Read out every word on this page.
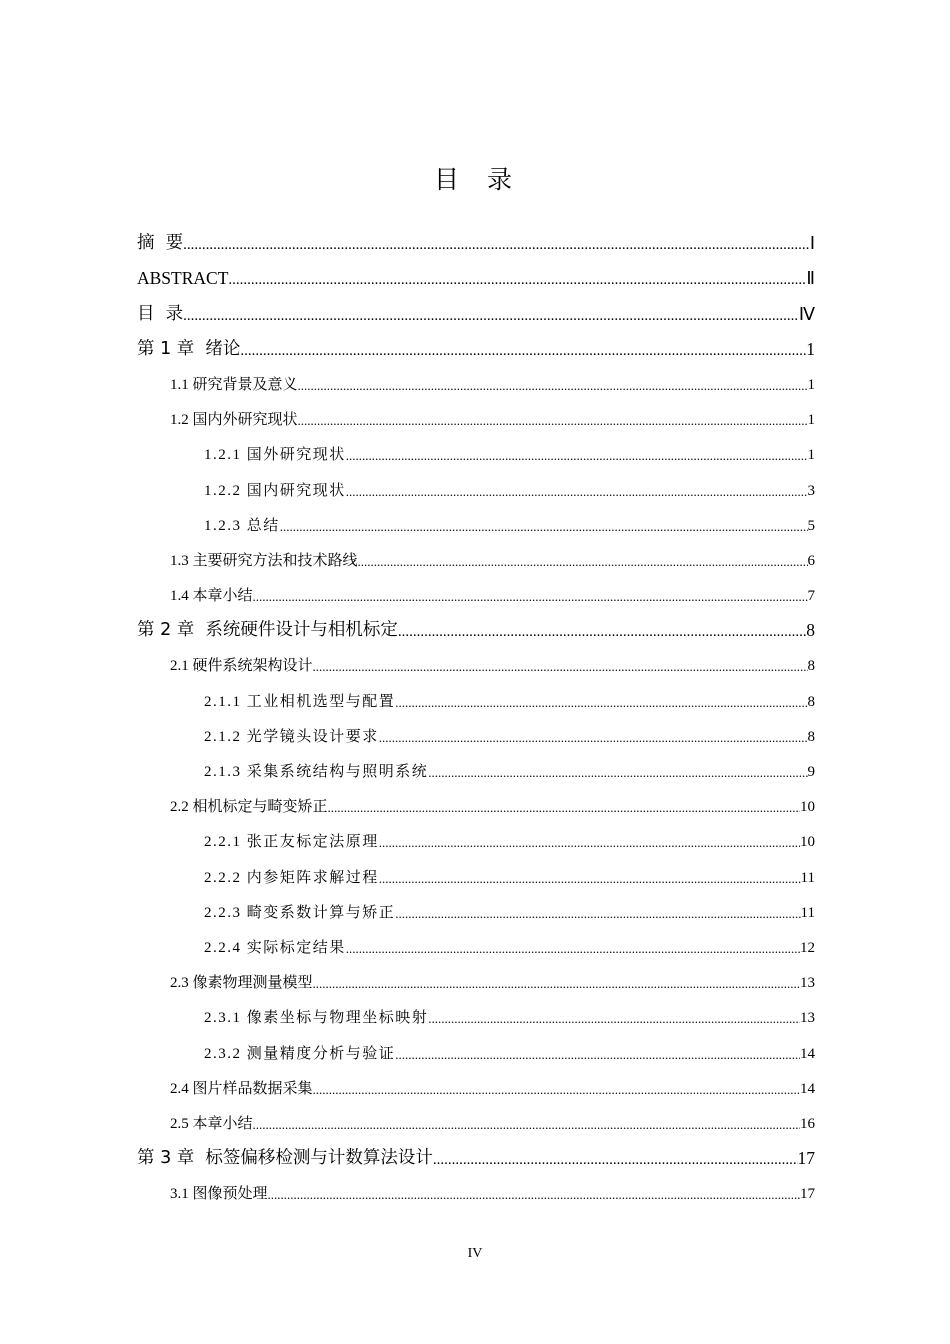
目  录
摘  要 .....	Ⅰ
ABSTRACT .....	Ⅱ
目  录 .....	Ⅳ
第 1 章  绪论 .....	1
1.1 研究背景及意义 .....	1
1.2 国内外研究现状 .....	1
1.2.1 国外研究现状 .....	1
1.2.2 国内研究现状 .....	3
1.2.3 总结 .....	5
1.3 主要研究方法和技术路线 .....	6
1.4 本章小结 .....	7
第 2 章  系统硬件设计与相机标定 .....	8
2.1 硬件系统架构设计 .....	8
2.1.1 工业相机选型与配置 .....	8
2.1.2 光学镜头设计要求 .....	8
2.1.3 采集系统结构与照明系统 .....	9
2.2 相机标定与畸变矫正 .....	10
2.2.1 张正友标定法原理 .....	10
2.2.2 内参矩阵求解过程 .....	11
2.2.3 畸变系数计算与矫正 .....	11
2.2.4 实际标定结果 .....	12
2.3 像素物理测量模型 .....	13
2.3.1 像素坐标与物理坐标映射 .....	13
2.3.2 测量精度分析与验证 .....	14
2.4 图片样品数据采集 .....	14
2.5 本章小结 .....	16
第 3 章  标签偏移检测与计数算法设计 .....	17
3.1 图像预处理 .....	17
IV
